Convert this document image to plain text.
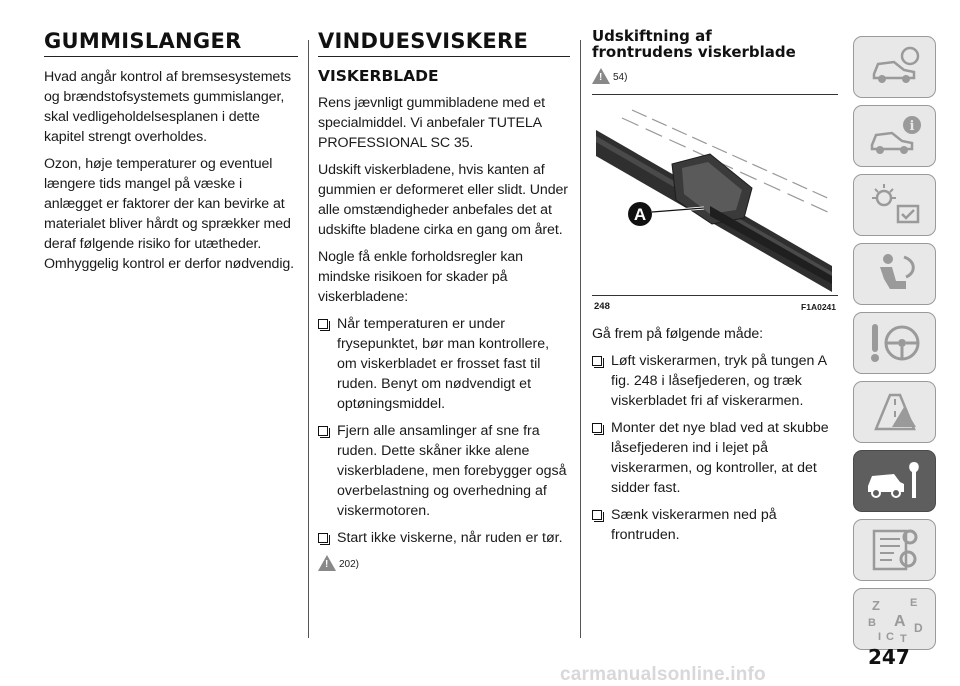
GUMMISLANGER

Hvad angår kontrol af bremsesystemets og brændstofsystemets gummislanger, skal vedligeholdelsesplanen i dette kapitel strengt overholdes.

Ozon, høje temperaturer og eventuel længere tids mangel på væske i anlægget er faktorer der kan bevirke at materialet bliver hårdt og sprækker med deraf følgende risiko for utætheder. Omhyggelig kontrol er derfor nødvendig.

VINDUESVISKERE
VISKERBLADE

Rens jævnligt gummibladene med et specialmiddel. Vi anbefaler TUTELA PROFESSIONAL SC 35.

Udskift viskerbladene, hvis kanten af gummien er deformeret eller slidt. Under alle omstændigheder anbefales det at udskifte bladene cirka en gang om året.

Nogle få enkle forholdsregler kan mindske risikoen for skader på viskerbladene:

Når temperaturen er under frysepunktet, bør man kontrollere, om viskerbladet er frosset fast til ruden. Benyt om nødvendigt et optøningsmiddel.
Fjern alle ansamlinger af sne fra ruden. Dette skåner ikke alene viskerbladene, men forebygger også overbelastning og overhedning af viskermotoren.
Start ikke viskerne, når ruden er tør.
! 202)
Udskiftning af
frontrudens viskerblade
! 54)
A
248	F1A0241

Gå frem på følgende måde:

Løft viskerarmen, tryk på tungen A fig. 248 i låsefjederen, og træk viskerbladet fri af viskerarmen.
Monter det nye blad ved at skubbe låsefjederen ind i lejet på viskerarmen, og kontroller, at det sidder fast.
Sænk viskerarmen ned på frontruden.
i
Z	E
B A D
I C T
247
carmanualsonline.info
